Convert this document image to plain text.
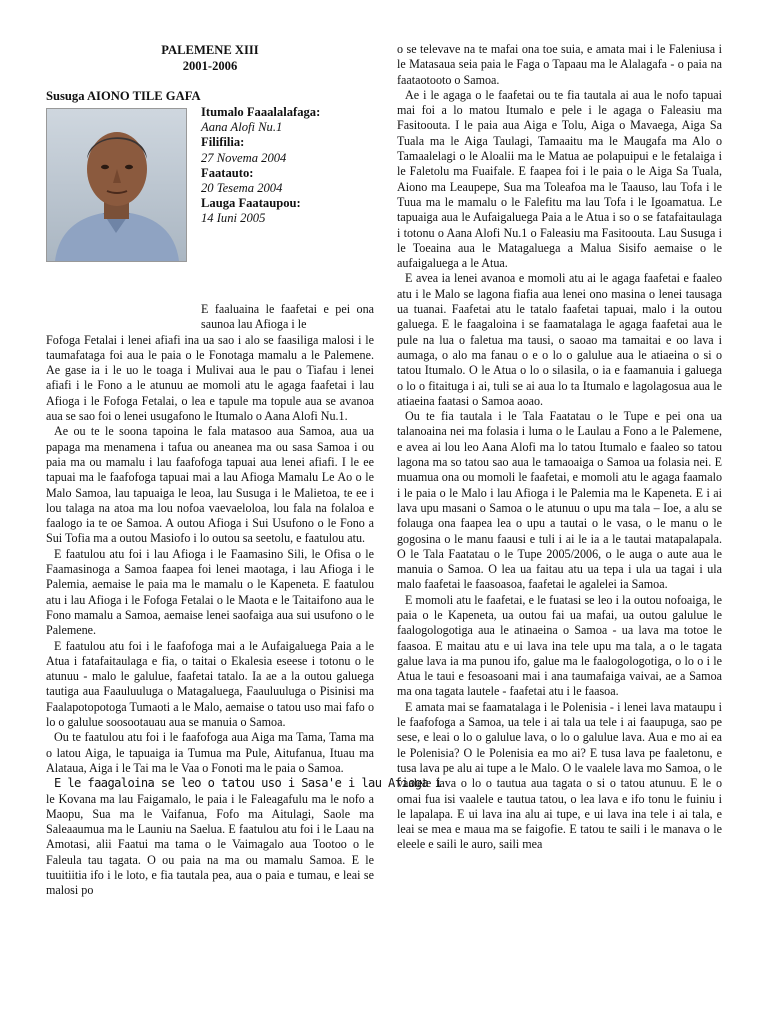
PALEMENE XIII
2001-2006
Susuga AIONO TILE GAFA
Itumalo Faaalalafaga:
Aana Alofi Nu.1
Filifilia:
27 Novema 2004
Faatauto:
20 Tesema 2004
Lauga Faataupou:
14 Iuni 2005

E faaluaina le faafetai e pei ona saunoa lau Afioga i le

Fofoga Fetalai i lenei afiafi ina ua sao i alo se faasiliga malosi i le taumafataga foi aua le paia o le Fonotaga mamalu a le Palemene. Ae gase ia i le uo le toaga i Mulivai aua le pau o Tiafau i lenei afiafi i le Fono a le atunuu ae momoli atu le agaga faafetai i lau Afioga i le Fofoga Fetalai, o lea e tapule ma topule aua se avanoa aua se sao foi o lenei usugafono le Itumalo o Aana Alofi Nu.1.

Ae ou te le soona tapoina le fala matasoo aua Samoa, aua ua papaga ma menamena i tafua ou aneanea ma ou sasa Samoa i ou paia ma ou mamalu i lau faafofoga tapuai aua lenei afiafi. I le ee tapuai ma le faafofoga tapuai mai a lau Afioga Mamalu Le Ao o le Malo Samoa, lau tapuaiga le leoa, lau Susuga i le Malietoa, te ee i lou talaga na atoa ma lou nofoa vaevaeloloa, lou fala na folaloa e faalogo ia te oe Samoa. A outou Afioga i Sui Usufono o le Fono a Sui Tofia ma a outou Masiofo i lo outou sa seetolu, e faatulou atu.

E faatulou atu foi i lau Afioga i le Faamasino Sili, le Ofisa o le Faamasinoga a Samoa faapea foi lenei maotaga, i lau Afioga i le Palemia, aemaise le paia ma le mamalu o le Kapeneta. E faatulou atu i lau Afioga i le Fofoga Fetalai o le Maota e le Taitaifono aua le Fono mamalu a Samoa, aemaise lenei saofaiga aua sui usufono o le Palemene.

E faatulou atu foi i le faafofoga mai a le Aufaigaluega Paia a le Atua i fatafaitaulaga e fia, o taitai o Ekalesia eseese i totonu o le atunuu - malo le galulue, faafetai tatalo. Ia ae a la outou galuega tautiga aua Faauluuluga o Matagaluega, Faauluuluga o Pisinisi ma Faalapotopotoga Tumaoti a le Malo, aemaise o tatou uso mai fafo o lo o galulue soosootauau aua se manuia o Samoa.

Ou te faatulou atu foi i le faafofoga aua Aiga ma Tama, Tama ma o latou Aiga, le tapuaiga ia Tumua ma Pule, Aitufanua, Ituau ma Alataua, Aiga i le Tai ma le Vaa o Fonoti ma le paia o Samoa.

E le faagaloina se leo o tatou uso i Sasa'e i lau Afioga i

le Kovana ma lau Faigamalo, le paia i le Faleagafulu ma le nofo a Maopu, Sua ma le Vaifanua, Fofo ma Aitulagi, Saole ma Saleaaumua ma le Launiu na Saelua. E faatulou atu foi i le Laau na Amotasi, alii Faatui ma tama o le Vaimagalo aua Tootoo o le Faleula tau tagata. O ou paia na ma ou mamalu Samoa. E le tuuitiitia ifo i le loto, e fia tautala pea, aua o paia e tumau, e leai se malosi po

o se televave na te mafai ona toe suia, e amata mai i le Faleniusa i le Matasaua seia paia le Faga o Tapaau ma le Alalagafa - o paia na faataotooto o Samoa.

Ae i le agaga o le faafetai ou te fia tautala ai aua le nofo tapuai mai foi a lo matou Itumalo e pele i le agaga o Faleasiu ma Fasitoouta. I le paia aua Aiga e Tolu, Aiga o Mavaega, Aiga Sa Tuala ma le Aiga Taulagi, Tamaaitu ma le Maugafa ma Alo o Tamaalelagi o le Aloalii ma le Matua ae polapuipui e le fetalaiga i le Faletolu ma Fuaifale. E faapea foi i le paia o le Aiga Sa Tuala, Aiono ma Leaupepe, Sua ma Toleafoa ma le Taauso, lau Tofa i le Tuua ma le mamalu o le Falefitu ma lau Tofa i le Igoamatua. Le tapuaiga aua le Aufaigaluega Paia a le Atua i so o se fatafaitaulaga i totonu o Aana Alofi Nu.1 o Faleasiu ma Fasitoouta. Lau Susuga i le Toeaina aua le Matagaluega a Malua Sisifo aemaise o le aufaigaluega a le Atua.

E avea ia lenei avanoa e momoli atu ai le agaga faafetai e faaleo atu i le Malo se lagona fiafia aua lenei ono masina o lenei tausaga ua tuanai. Faafetai atu le tatalo faafetai tapuai, malo i la outou galuega. E le faagaloina i se faamatalaga le agaga faafetai aua le pule na lua o faletua ma tausi, o saoao ma tamaitai e oo lava i aumaga, o alo ma fanau o e o lo o galulue aua le atiaeina o si o tatou Itumalo. O le Atua o lo o silasila, o ia e faamanuia i galuega o lo o fitaituga i ai, tuli se ai aua lo ta Itumalo e lagolagosua aua le atiaeina faatasi o Samoa aoao.

Ou te fia tautala i le Tala Faatatau o le Tupe e pei ona ua talanoaina nei ma folasia i luma o le Laulau a Fono a le Palemene, e avea ai lou leo Aana Alofi ma lo tatou Itumalo e faaleo so tatou lagona ma so tatou sao aua le tamaoaiga o Samoa ua folasia nei. E muamua ona ou momoli le faafetai, e momoli atu le agaga faamalo i le paia o le Malo i lau Afioga i le Palemia ma le Kapeneta. E i ai lava upu masani o Samoa o le atunuu o upu ma tala – Ioe, a alu se folauga ona faapea lea o upu a tautai o le vasa, o le manu o le gogosina o le manu faausi e tuli i ai le ia a le tautai matapalapala. O le Tala Faatatau o le Tupe 2005/2006, o le auga o aute aua le manuia o Samoa. O lea ua faitau atu ua tepa i ula ua tagai i ula malo faafetai le faasoasoa, faafetai le agalelei ia Samoa.

E momoli atu le faafetai, e le fuatasi se leo i la outou nofoaiga, le paia o le Kapeneta, ua outou fai ua mafai, ua outou galulue le faalogologotiga aua le atinaeina o Samoa - ua lava ma totoe le faasoa. E maitau atu e ui lava ina tele upu ma tala, a o le tagata galue lava ia ma punou ifo, galue ma le faalogologotiga, o lo o i le Atua le taui e fesoasoani mai i ana taumafaiga vaivai, ae a Samoa ma ona tagata lautele - faafetai atu i le faasoa.

E amata mai se faamatalaga i le Polenisia - i lenei lava mataupu i le faafofoga a Samoa, ua tele i ai tala ua tele i ai faaupuga, sao pe sese, e leai o lo o galulue lava, o lo o galulue lava. Aua e mo ai ea le Polenisia? O le Polenisia ea mo ai? E tusa lava pe faaletonu, e tusa lava pe alu ai tupe a le Malo. O le vaalele lava mo Samoa, o le vaalele lava o lo o tautua aua tagata o si o tatou atunuu. E le o omai fua isi vaalele e tautua tatou, o lea lava e ifo tonu le fuiniu i le lapalapa. E ui lava ina alu ai tupe, e ui lava ina tele i ai tala, e leai se mea e maua ma se faigofie. E tatou te saili i le manava o le eleele e saili le auro, saili mea
